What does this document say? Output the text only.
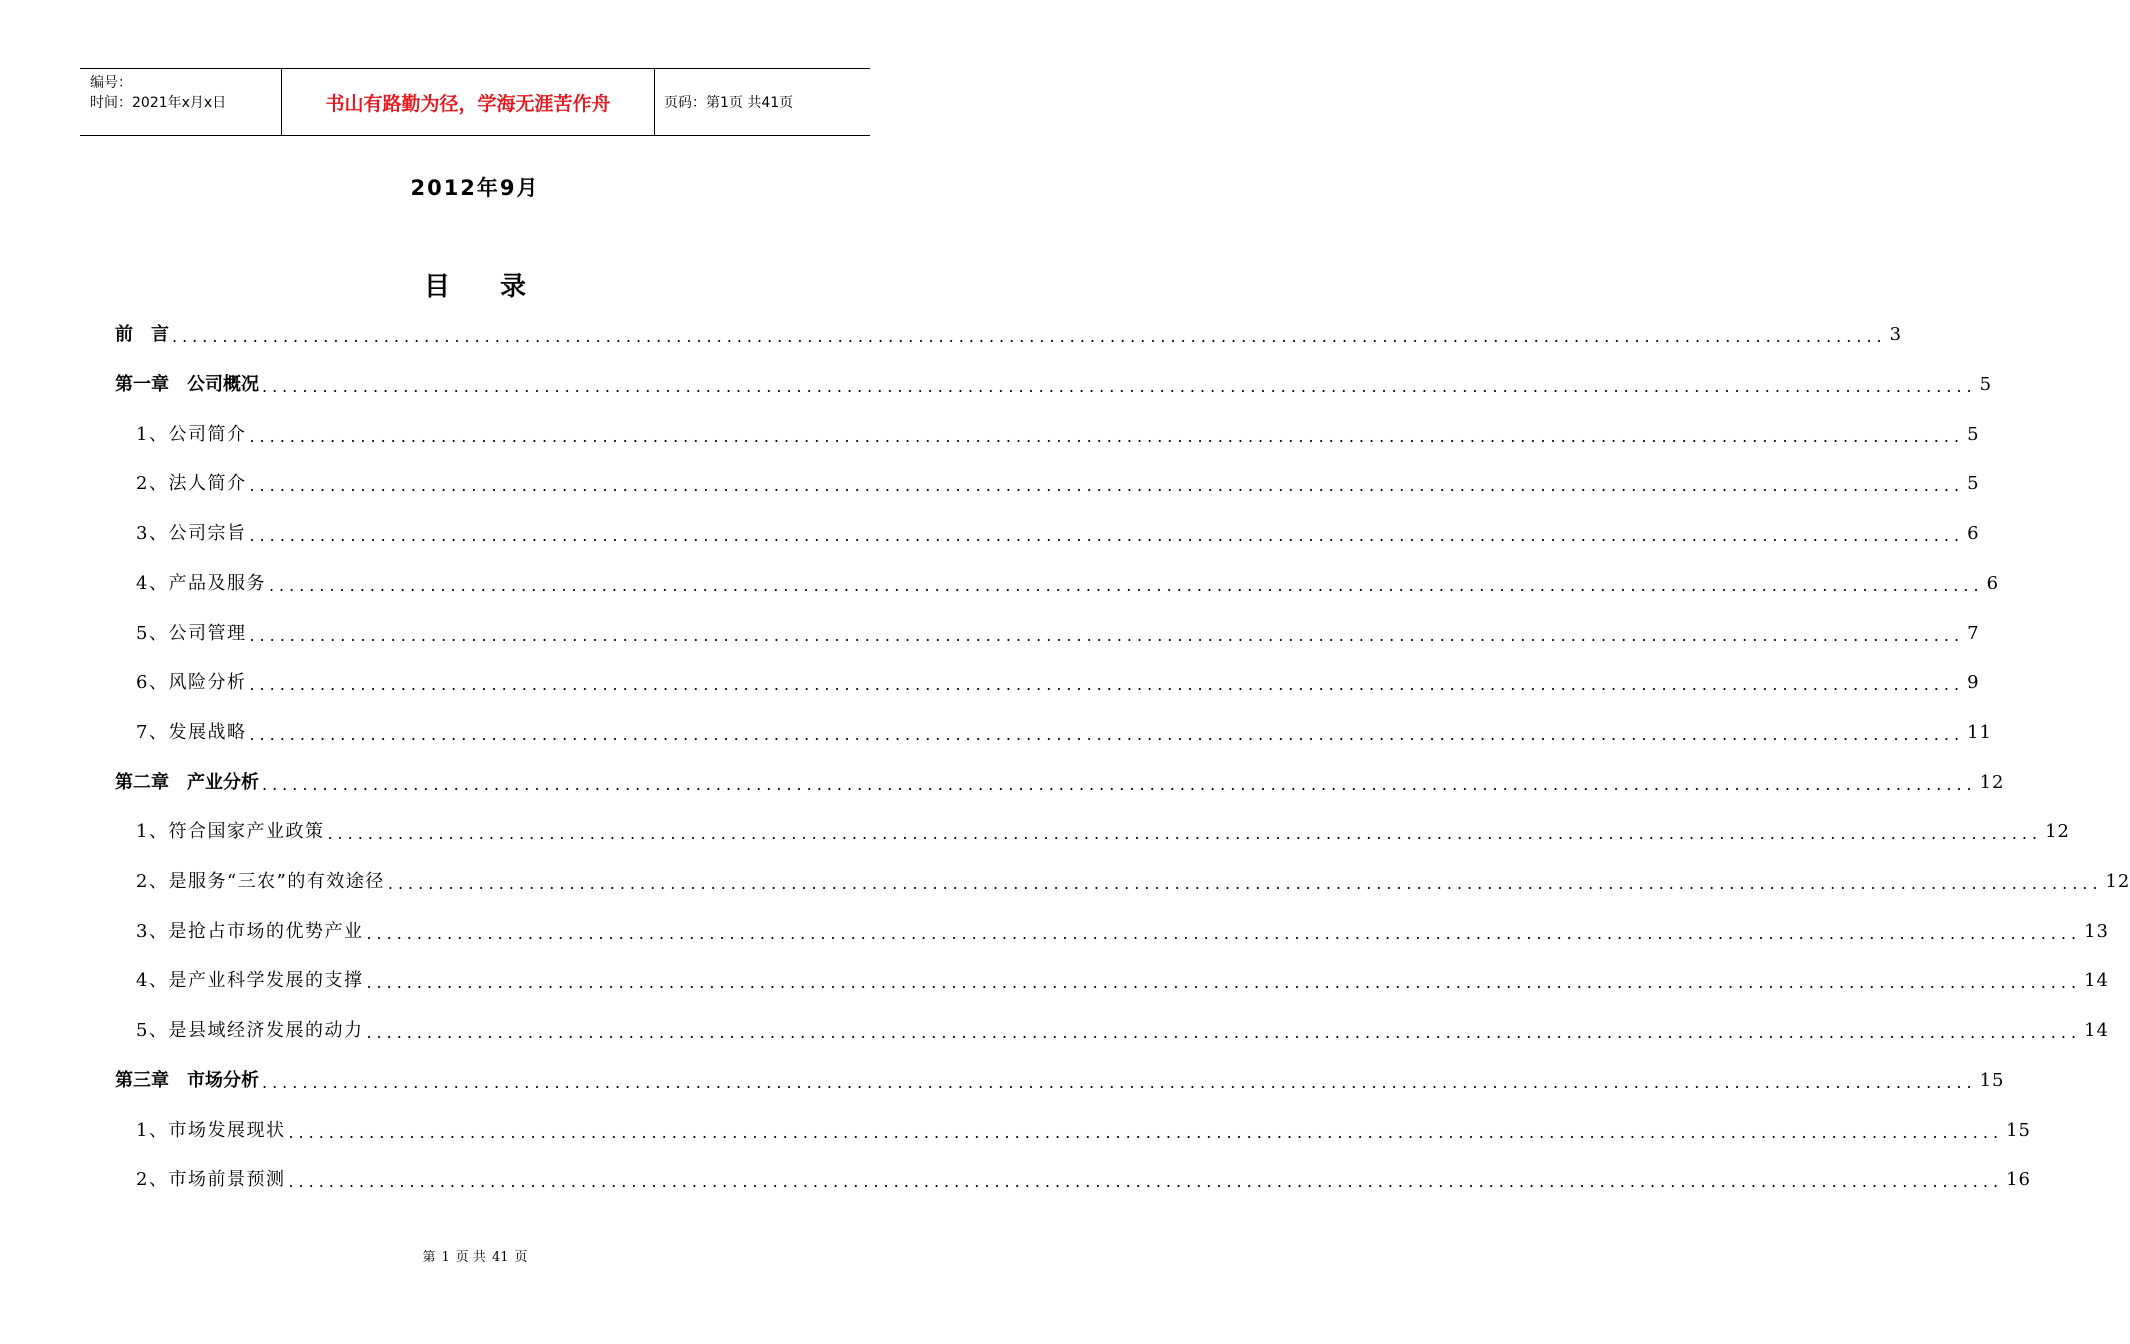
编号：
时间：2021年x月x日	书山有路勤为径，学海无涯苦作舟	页码：第1页 共41页
2012年9月
目录
前　言 .......................................................................................................................................................................... 3
第一章　公司概况 .......................................................................................................................................................................... 5
1、公司简介 .......................................................................................................................................................................... 5
2、法人简介 .......................................................................................................................................................................... 5
3、公司宗旨 .......................................................................................................................................................................... 6
4、产品及服务 .......................................................................................................................................................................... 6
5、公司管理 .......................................................................................................................................................................... 7
6、风险分析 .......................................................................................................................................................................... 9
7、发展战略 .......................................................................................................................................................................... 11
第二章　产业分析 .......................................................................................................................................................................... 12
1、符合国家产业政策 .......................................................................................................................................................................... 12
2、是服务“三农”的有效途径 .......................................................................................................................................................................... 12
3、是抢占市场的优势产业 .......................................................................................................................................................................... 13
4、是产业科学发展的支撑 .......................................................................................................................................................................... 14
5、是县域经济发展的动力 .......................................................................................................................................................................... 14
第三章　市场分析 .......................................................................................................................................................................... 15
1、市场发展现状 .......................................................................................................................................................................... 15
2、市场前景预测 .......................................................................................................................................................................... 16
第 1 页 共 41 页
